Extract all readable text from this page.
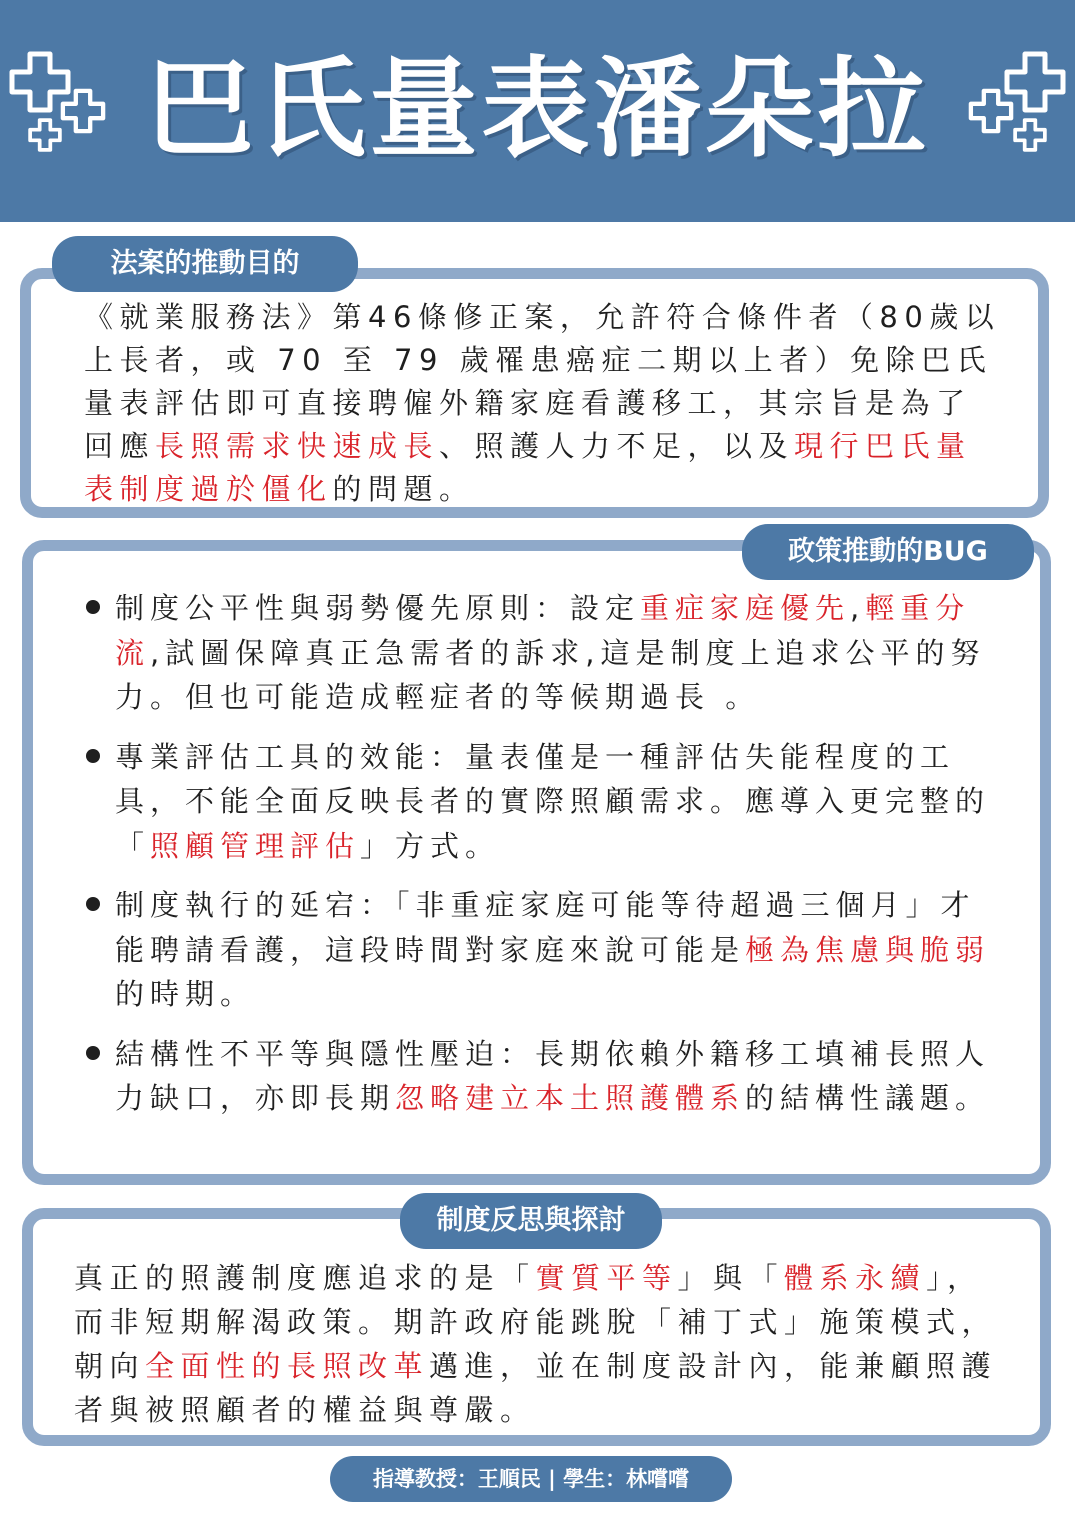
巴氏量表潘朵拉
法案的推動目的
《就業服務法》第46條修正案，允許符合條件者（80歲以上長者，或 70 至 79 歲罹患癌症二期以上者）免除巴氏量表評估即可直接聘僱外籍家庭看護移工，其宗旨是為了回應長照需求快速成長、照護人力不足，以及現行巴氏量表制度過於僵化的問題。
政策推動的BUG
制度公平性與弱勢優先原則：設定重症家庭優先,輕重分流,試圖保障真正急需者的訴求,這是制度上追求公平的努力。但也可能造成輕症者的等候期過長 。
專業評估工具的效能：量表僅是一種評估失能程度的工具，不能全面反映長者的實際照顧需求。應導入更完整的「照顧管理評估」方式。
制度執行的延宕：「非重症家庭可能等待超過三個月」才能聘請看護，這段時間對家庭來說可能是極為焦慮與脆弱的時期。
結構性不平等與隱性壓迫：長期依賴外籍移工填補長照人力缺口，亦即長期忽略建立本土照護體系的結構性議題。
制度反思與探討
真正的照護制度應追求的是「實質平等」與「體系永續」，而非短期解渴政策。期許政府能跳脫「補丁式」施策模式，朝向全面性的長照改革邁進，並在制度設計內，能兼顧照護者與被照顧者的權益與尊嚴。
指導教授：王順民 | 學生：林嚐嚐
